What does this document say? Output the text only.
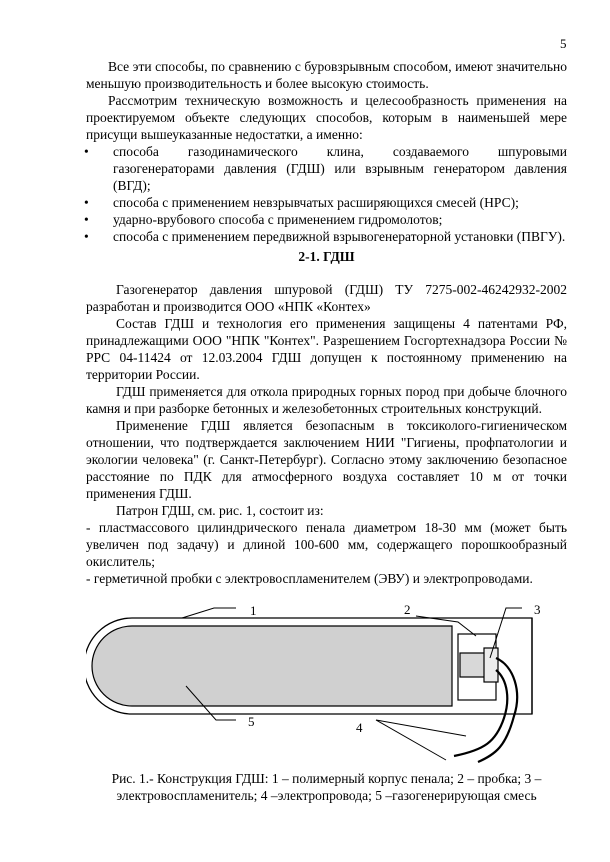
5

Все эти способы, по сравнению с буровзрывным способом, имеют значительно меньшую производительность и более высокую стоимость.

Рассмотрим техническую возможность и целесообразность применения на проектируемом объекте следующих способов, которым в наименьшей мере присущи вышеуказанные недостатки, а именно:

• способа газодинамического клина, создаваемого шпуровыми газогенераторами давления (ГДШ) или взрывным генератором давления (ВГД);
• способа с применением невзрывчатых расширяющихся смесей (НРС);
• ударно-врубового способа с применением гидромолотов;
• способа с применением передвижной взрывогенераторной установки (ПВГУ).
2-1. ГДШ

Газогенератор давления шпуровой (ГДШ) ТУ 7275-002-46242932-2002 разработан и производится ООО «НПК «Контех»

Состав ГДШ и технология его применения защищены 4 патентами РФ, принадлежащими ООО "НПК "Контех". Разрешением Госгортехнадзора России № РРС 04-11424 от 12.03.2004 ГДШ допущен к постоянному применению на территории России.

ГДШ применяется для откола природных горных пород при добыче блочного камня и при разборке бетонных и железобетонных строительных конструкций.

Применение ГДШ является безопасным в токсиколого-гигиеническом отношении, что подтверждается заключением НИИ "Гигиены, профпатологии и экологии человека" (г. Санкт-Петербург). Согласно этому заключению безопасное расстояние по ПДК для атмосферного воздуха составляет 10 м от точки применения ГДШ.

Патрон ГДШ, см. рис. 1, состоит из:

- пластмассового цилиндрического пенала диаметром 18-30 мм (может быть увеличен под задачу) и длиной 100-600 мм, содержащего порошкообразный окислитель;

- герметичной пробки с электровоспламенителем (ЭВУ) и электропроводами.

1	2	3
4
5
Рис. 1.- Конструкция ГДШ: 1 – полимерный корпус пенала; 2 – пробка; 3 – электровоспламенитель; 4 –электропровода; 5 –газогенерирующая смесь
